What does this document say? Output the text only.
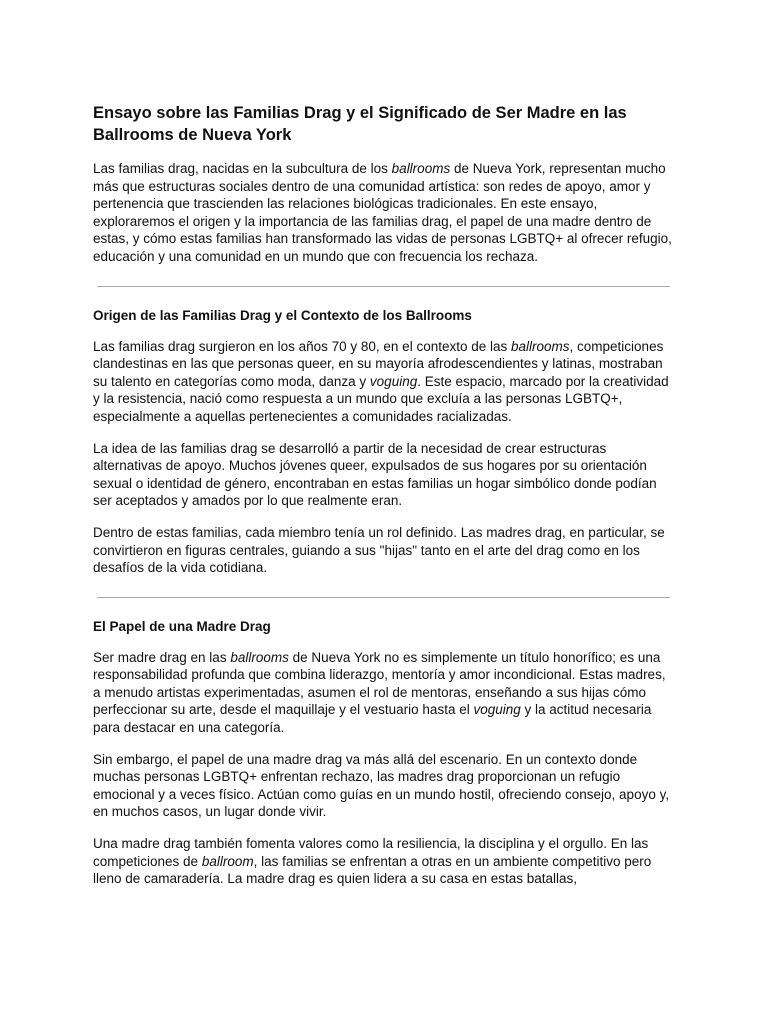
Ensayo sobre las Familias Drag y el Significado de Ser Madre en las Ballrooms de Nueva York

Las familias drag, nacidas en la subcultura de los ballrooms de Nueva York, representan mucho más que estructuras sociales dentro de una comunidad artística: son redes de apoyo, amor y pertenencia que trascienden las relaciones biológicas tradicionales. En este ensayo, exploraremos el origen y la importancia de las familias drag, el papel de una madre dentro de estas, y cómo estas familias han transformado las vidas de personas LGBTQ+ al ofrecer refugio, educación y una comunidad en un mundo que con frecuencia los rechaza.

Origen de las Familias Drag y el Contexto de los Ballrooms

Las familias drag surgieron en los años 70 y 80, en el contexto de las ballrooms, competiciones clandestinas en las que personas queer, en su mayoría afrodescendientes y latinas, mostraban su talento en categorías como moda, danza y voguing. Este espacio, marcado por la creatividad y la resistencia, nació como respuesta a un mundo que excluía a las personas LGBTQ+, especialmente a aquellas pertenecientes a comunidades racializadas.

La idea de las familias drag se desarrolló a partir de la necesidad de crear estructuras alternativas de apoyo. Muchos jóvenes queer, expulsados de sus hogares por su orientación sexual o identidad de género, encontraban en estas familias un hogar simbólico donde podían ser aceptados y amados por lo que realmente eran.

Dentro de estas familias, cada miembro tenía un rol definido. Las madres drag, en particular, se convirtieron en figuras centrales, guiando a sus "hijas" tanto en el arte del drag como en los desafíos de la vida cotidiana.

El Papel de una Madre Drag

Ser madre drag en las ballrooms de Nueva York no es simplemente un título honorífico; es una responsabilidad profunda que combina liderazgo, mentoría y amor incondicional. Estas madres, a menudo artistas experimentadas, asumen el rol de mentoras, enseñando a sus hijas cómo perfeccionar su arte, desde el maquillaje y el vestuario hasta el voguing y la actitud necesaria para destacar en una categoría.

Sin embargo, el papel de una madre drag va más allá del escenario. En un contexto donde muchas personas LGBTQ+ enfrentan rechazo, las madres drag proporcionan un refugio emocional y a veces físico. Actúan como guías en un mundo hostil, ofreciendo consejo, apoyo y, en muchos casos, un lugar donde vivir.

Una madre drag también fomenta valores como la resiliencia, la disciplina y el orgullo. En las competiciones de ballroom, las familias se enfrentan a otras en un ambiente competitivo pero lleno de camaradería. La madre drag es quien lidera a su casa en estas batallas,
